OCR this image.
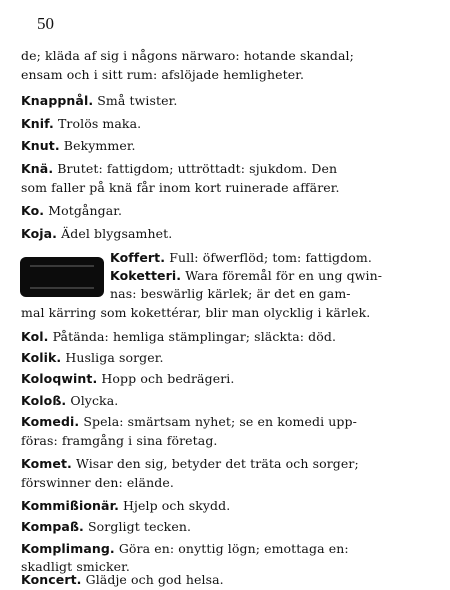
50
de; kläda af sig i någons närwaro: hotande skandal;
ensam och i sitt rum: afslöjade hemligheter.
Knappnål. Små twister.
Knif. Trolös maka.
Knut. Bekymmer.
Knä. Brutet: fattigdom; uttröttadt: sjukdom. Den
som faller på knä får inom kort ruinerade affärer.
Ko. Motgångar.
Koja. Ädel blygsamhet.
Koffert. Full: öfwerflöd; tom: fattigdom.
Koketteri. Wara föremål för en ung qwin-
nas: beswärlig kärlek; är det en gam-
mal kärring som kokettérar, blir man olycklig i kärlek.
Kol. Påtända: hemliga stämplingar; släckta: död.
Kolik. Husliga sorger.
Koloqwint. Hopp och bedrägeri.
Koloß. Olycka.
Komedi. Spela: smärtsam nyhet; se en komedi upp-
föras: framgång i sina företag.
Komet. Wisar den sig, betyder det träta och sorger;
förswinner den: elände.
Kommißionär. Hjelp och skydd.
Kompaß. Sorgligt tecken.
Komplimang. Göra en: onyttig lögn; emottaga en:
skadligt smicker.
Koncert. Glädje och god helsa.
